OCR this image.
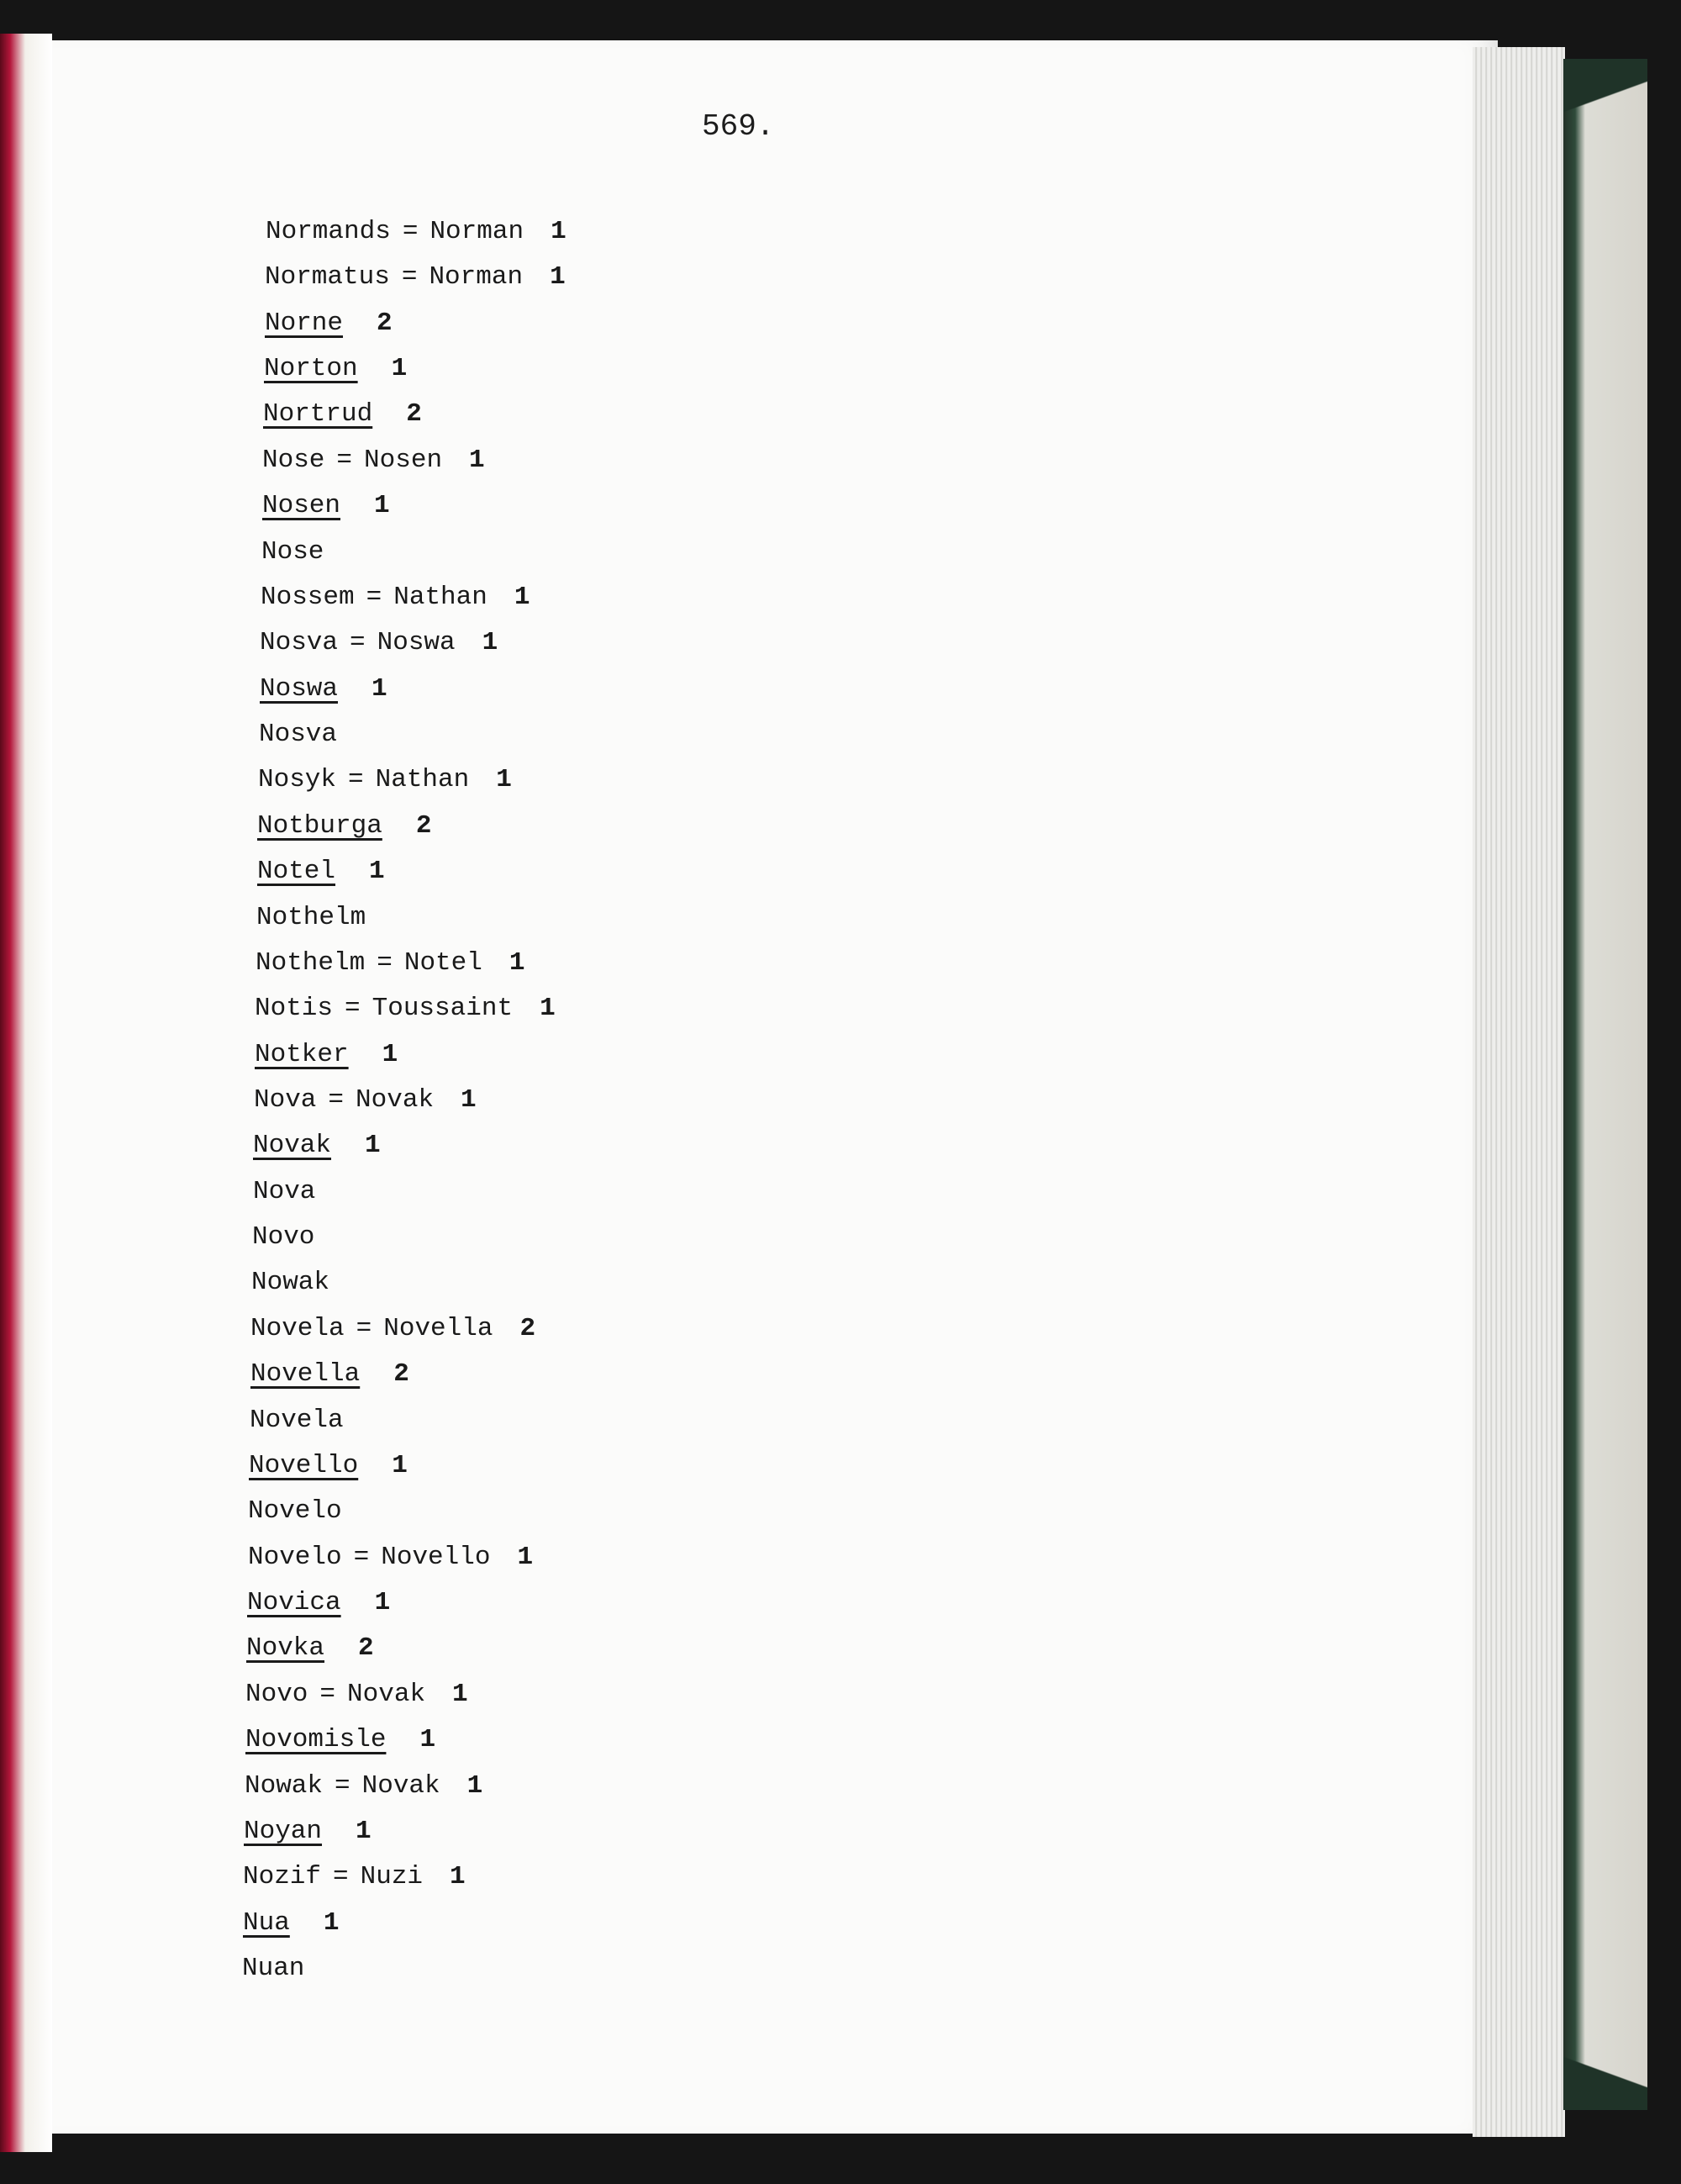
569.

Normands = Norman 1
Normatus = Norman 1
Norne 2
Norton 1
Nortrud 2
Nose = Nosen 1
Nosen 1
Nose
Nossem = Nathan 1
Nosva = Noswa 1
Noswa 1
Nosva
Nosyk = Nathan 1
Notburga 2
Notel 1
Nothelm
Nothelm = Notel 1
Notis = Toussaint 1
Notker 1
Nova = Novak 1
Novak 1
Nova
Novo
Nowak
Novela = Novella 2
Novella 2
Novela
Novello 1
Novelo
Novelo = Novello 1
Novica 1
Novka 2
Novo = Novak 1
Novomisle 1
Nowak = Novak 1
Noyan 1
Nozif = Nuzi 1
Nua 1
Nuan
